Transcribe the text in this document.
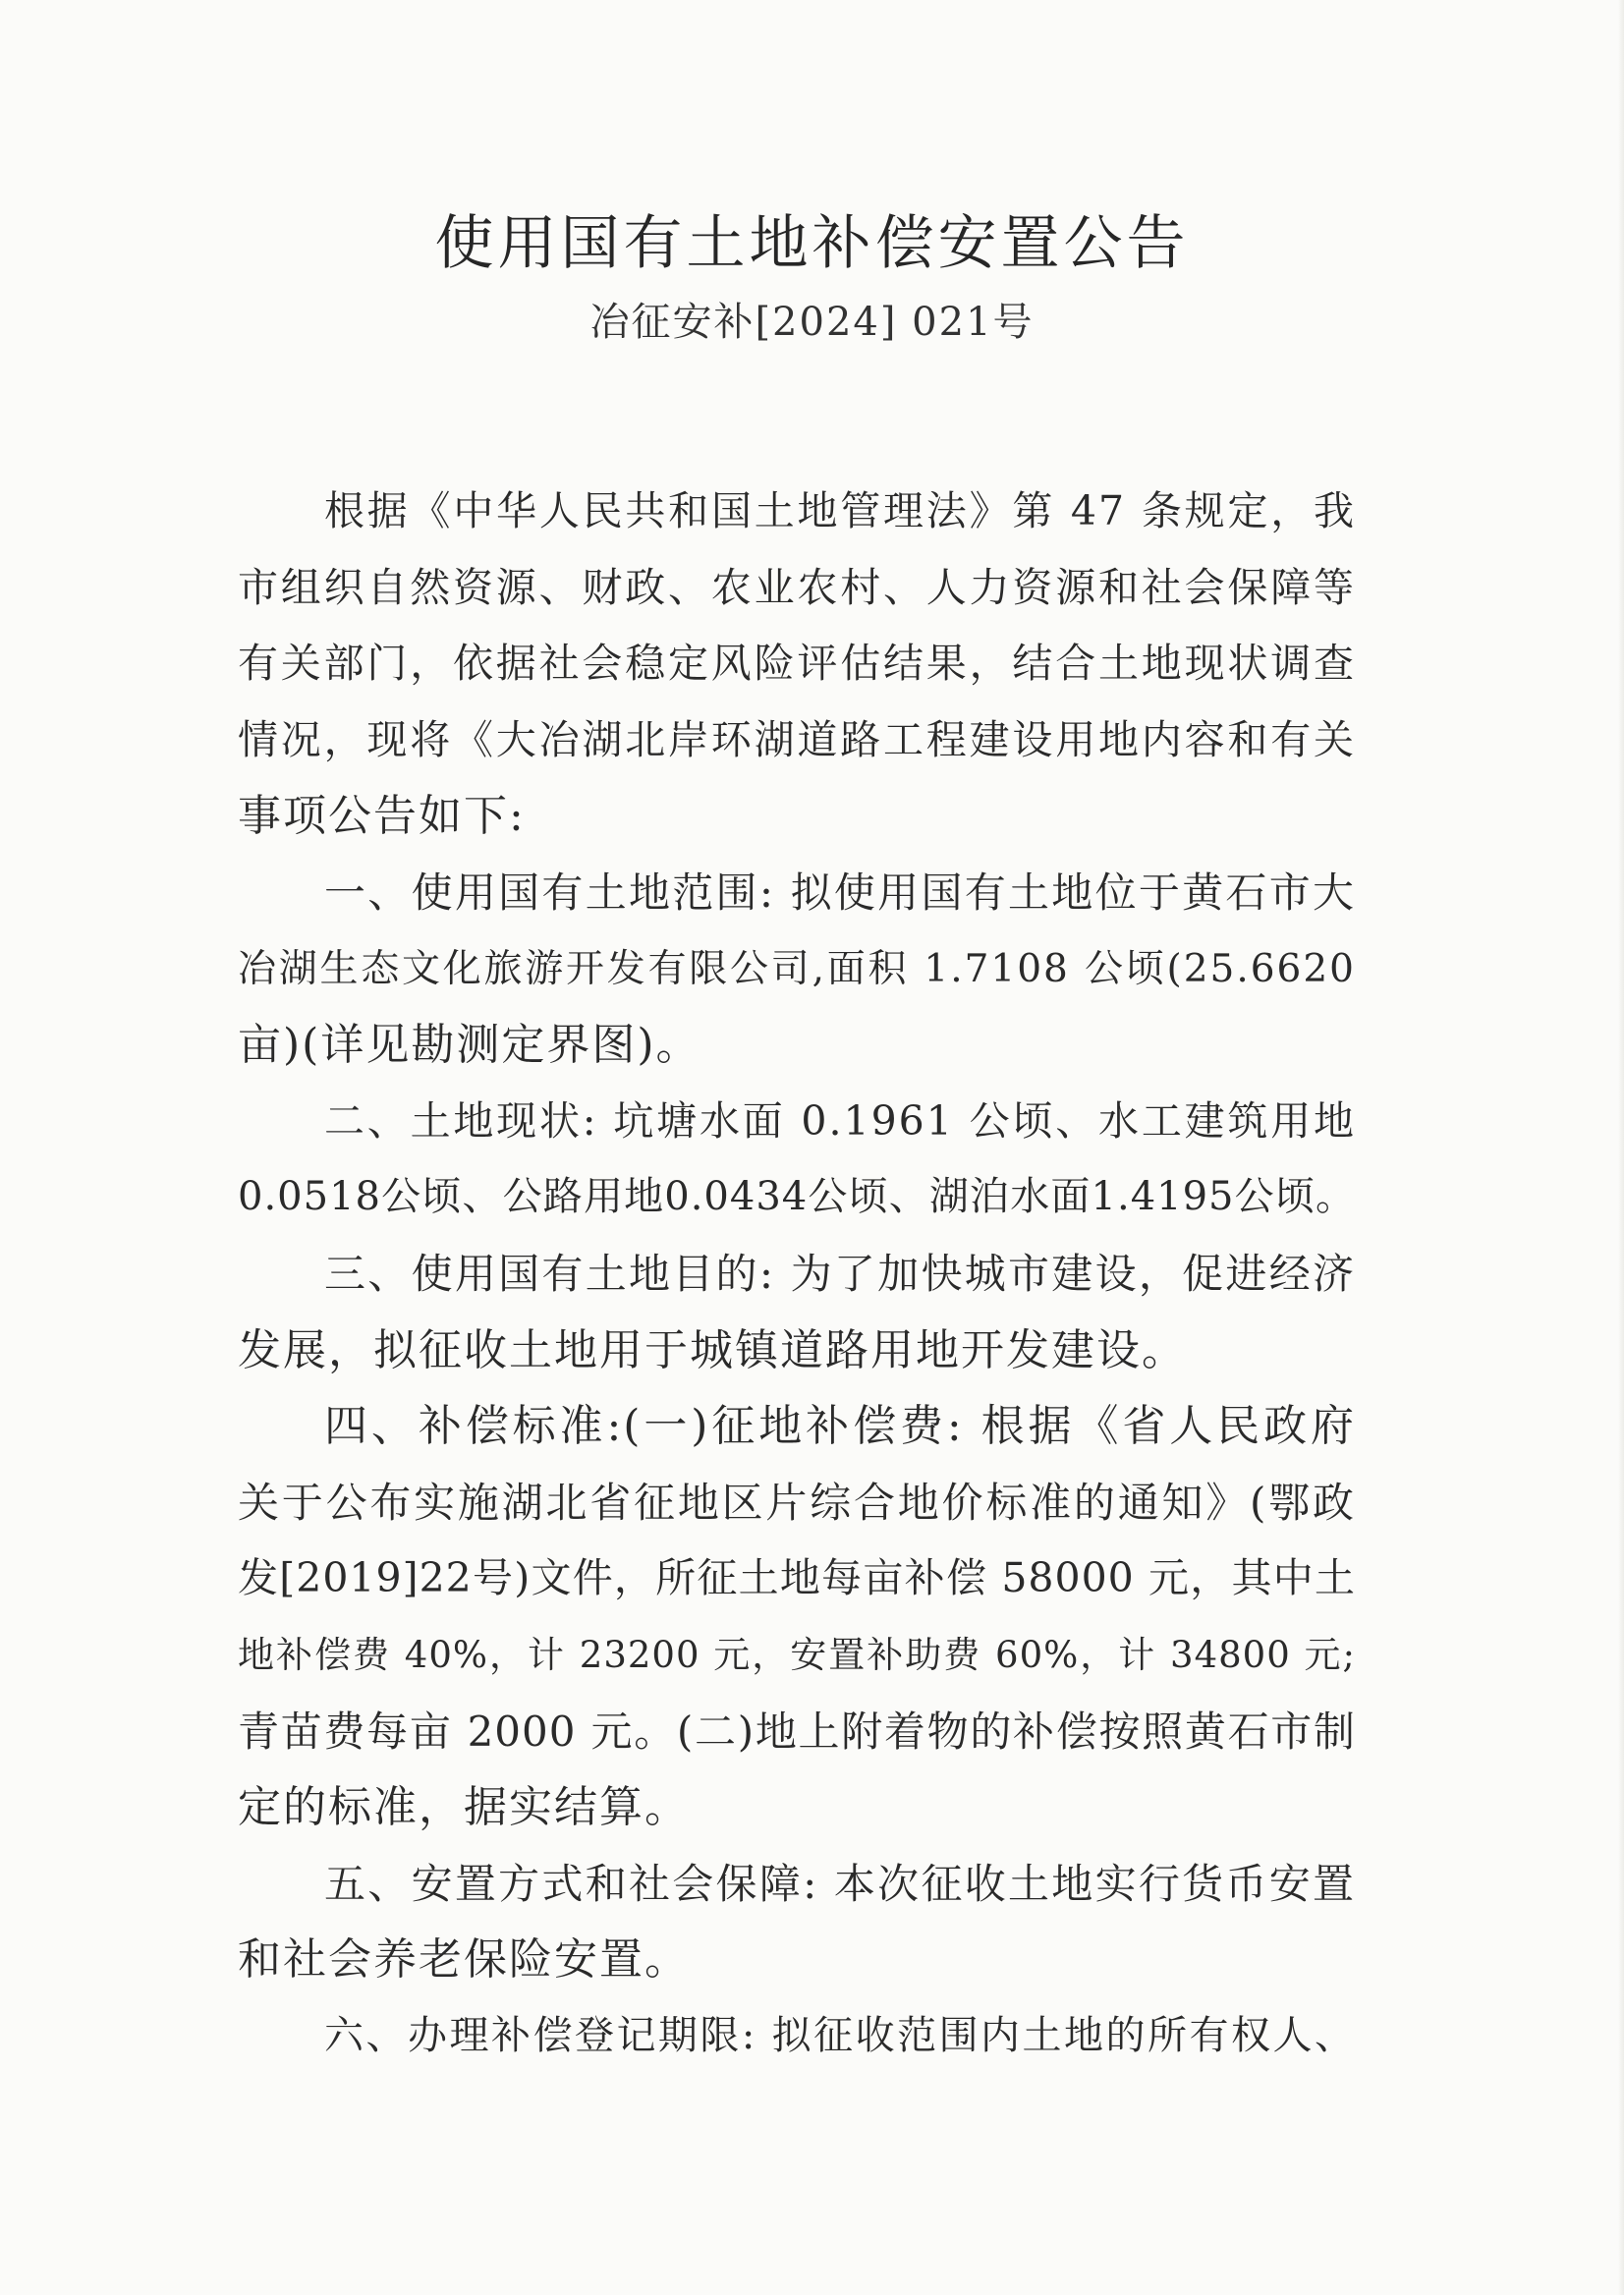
使用国有土地补偿安置公告
冶征安补[2024] 021号
根据《中华人民共和国土地管理法》第 47 条规定，我
市组织自然资源、财政、农业农村、人力资源和社会保障等
有关部门，依据社会稳定风险评估结果，结合土地现状调查
情况，现将《大冶湖北岸环湖道路工程建设用地内容和有关
事项公告如下:
一、使用国有土地范围: 拟使用国有土地位于黄石市大
冶湖生态文化旅游开发有限公司,面积 1.7108 公顷(25.6620
亩)(详见勘测定界图)。
二、土地现状: 坑塘水面 0.1961 公顷、水工建筑用地
0.0518公顷、公路用地0.0434公顷、湖泊水面1.4195公顷。
三、使用国有土地目的: 为了加快城市建设，促进经济
发展，拟征收土地用于城镇道路用地开发建设。
四、补偿标准:(一)征地补偿费: 根据《省人民政府
关于公布实施湖北省征地区片综合地价标准的通知》(鄂政
发[2019]22号)文件，所征土地每亩补偿 58000 元，其中土
地补偿费 40%，计 23200 元，安置补助费 60%，计 34800 元;
青苗费每亩 2000 元。(二)地上附着物的补偿按照黄石市制
定的标准，据实结算。
五、安置方式和社会保障: 本次征收土地实行货币安置
和社会养老保险安置。
六、办理补偿登记期限: 拟征收范围内土地的所有权人、
